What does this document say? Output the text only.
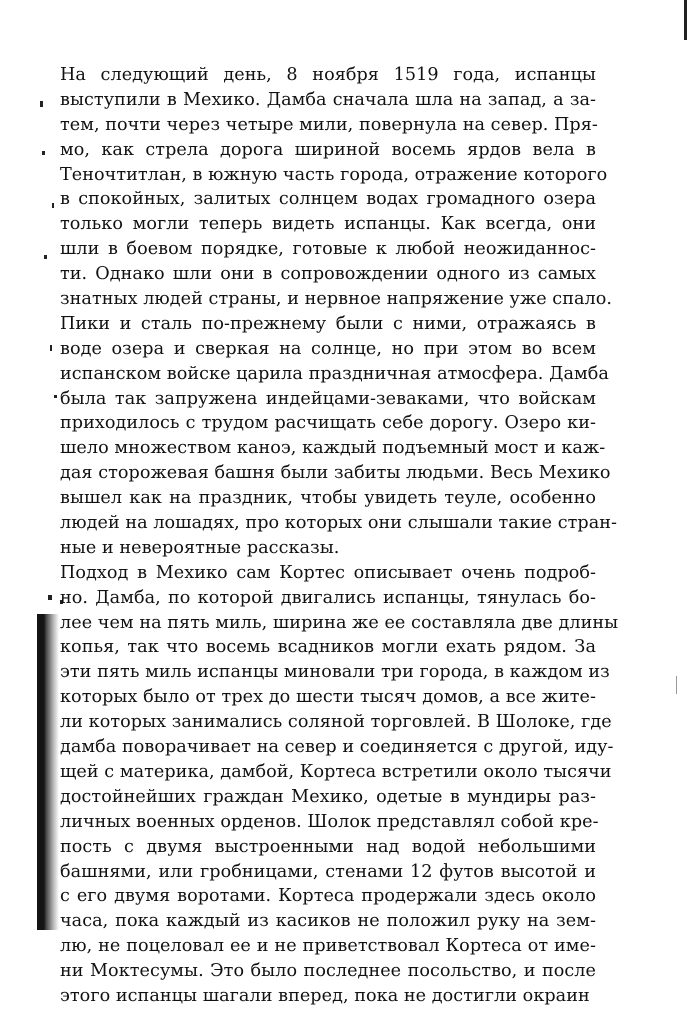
На следующий день, 8 ноября 1519 года, испанцы
выступили в Мехико. Дамба сначала шла на запад, а за-
тем, почти через четыре мили, повернула на север. Пря-
мо, как стрела дорога шириной восемь ярдов вела в
Теночтитлан, в южную часть города, отражение которого
в спокойных, залитых солнцем водах громадного озера
только могли теперь видеть испанцы. Как всегда, они
шли в боевом порядке, готовые к любой неожиданнос-
ти. Однако шли они в сопровождении одного из самых
знатных людей страны, и нервное напряжение уже спало.
Пики и сталь по-прежнему были с ними, отражаясь в
воде озера и сверкая на солнце, но при этом во всем
испанском войске царила праздничная атмосфера. Дамба
была так запружена индейцами-зеваками, что войскам
приходилось с трудом расчищать себе дорогу. Озеро ки-
шело множеством каноэ, каждый подъемный мост и каж-
дая сторожевая башня были забиты людьми. Весь Мехико
вышел как на праздник, чтобы увидеть теуле, особенно
людей на лошадях, про которых они слышали такие стран-
ные и невероятные рассказы.
Подход в Мехико сам Кортес описывает очень подроб-
но. Дамба, по которой двигались испанцы, тянулась бо-
лее чем на пять миль, ширина же ее составляла две длины
копья, так что восемь всадников могли ехать рядом. За
эти пять миль испанцы миновали три города, в каждом из
которых было от трех до шести тысяч домов, а все жите-
ли которых занимались соляной торговлей. В Шолоке, где
дамба поворачивает на север и соединяется с другой, иду-
щей с материка, дамбой, Кортеса встретили около тысячи
достойнейших граждан Мехико, одетые в мундиры раз-
личных военных орденов. Шолок представлял собой кре-
пость с двумя выстроенными над водой небольшими
башнями, или гробницами, стенами 12 футов высотой и
с его двумя воротами. Кортеса продержали здесь около
часа, пока каждый из касиков не положил руку на зем-
лю, не поцеловал ее и не приветствовал Кортеса от име-
ни Моктесумы. Это было последнее посольство, и после
этого испанцы шагали вперед, пока не достигли окраин
